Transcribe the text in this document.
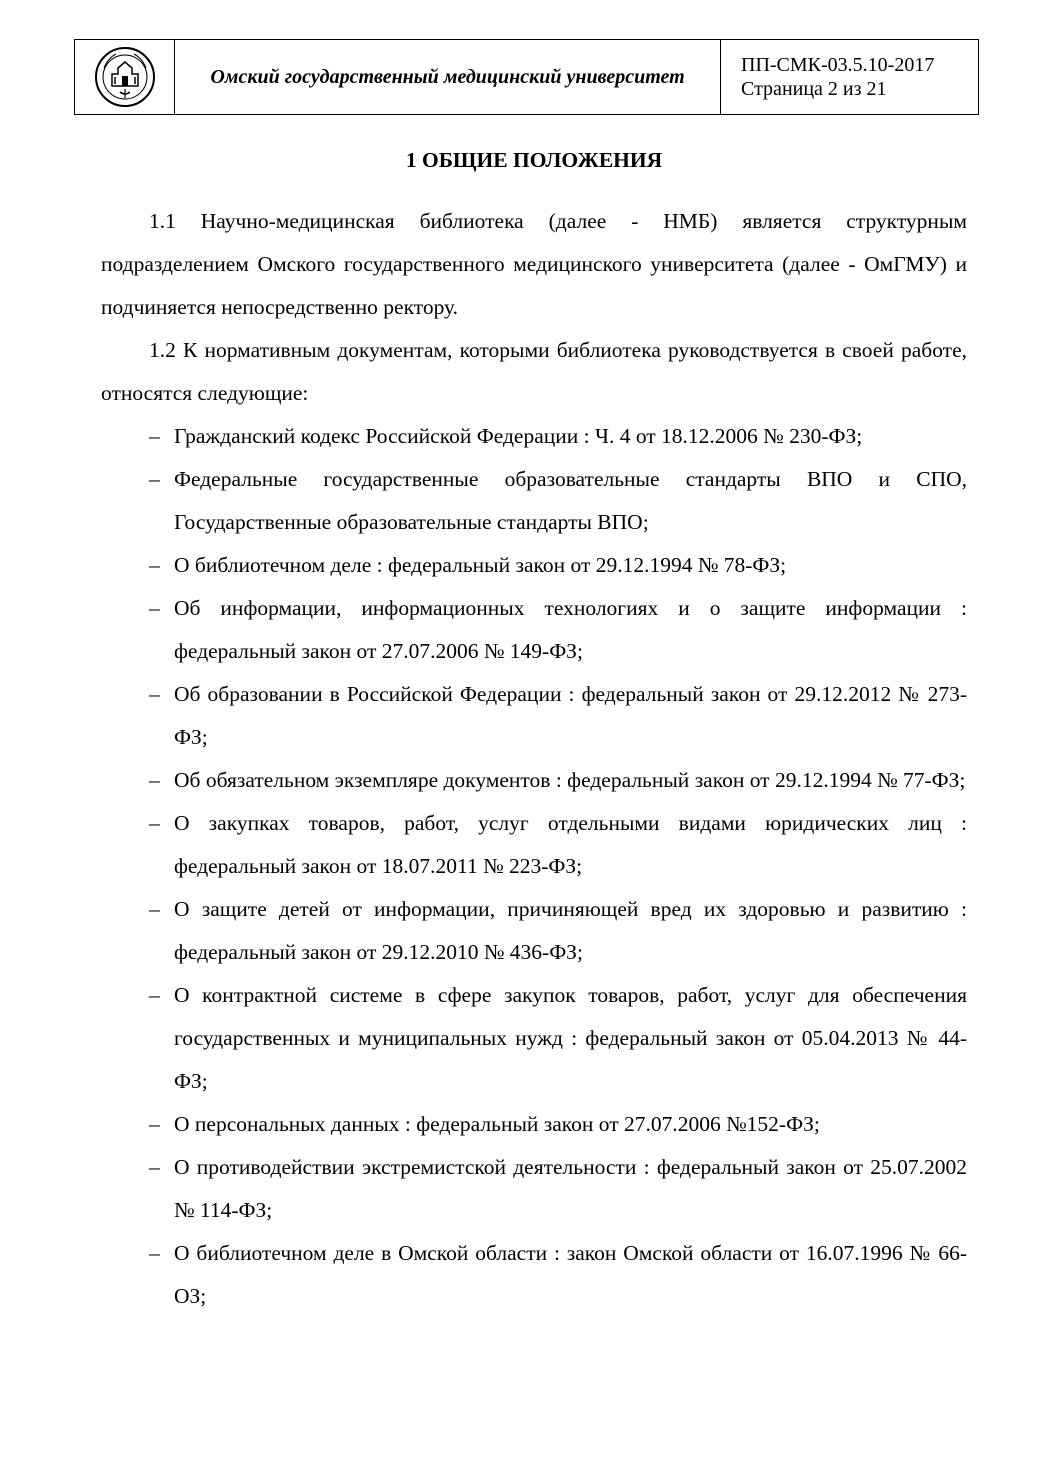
	Омский государственный медицинский университет	
ПП-СМК-03.5.10-2017
Страница 2 из 21

1 ОБЩИЕ ПОЛОЖЕНИЯ

1.1 Научно-медицинская библиотека (далее - НМБ) является структурным подразделением Омского государственного медицинского университета (далее - ОмГМУ) и подчиняется непосредственно ректору.

1.2 К нормативным документам, которыми библиотека руководствуется в своей работе, относятся следующие:

– Гражданский кодекс Российской Федерации : Ч. 4 от 18.12.2006 № 230-ФЗ;
– Федеральные государственные образовательные стандарты ВПО и СПО, Государственные образовательные стандарты ВПО;
– О библиотечном деле : федеральный закон от 29.12.1994 № 78-ФЗ;
– Об информации, информационных технологиях и о защите информации : федеральный закон от 27.07.2006 № 149-ФЗ;
– Об образовании в Российской Федерации : федеральный закон от 29.12.2012 № 273-ФЗ;
– Об обязательном экземпляре документов : федеральный закон от 29.12.1994 № 77-ФЗ;
– О закупках товаров, работ, услуг отдельными видами юридических лиц : федеральный закон от 18.07.2011 № 223-ФЗ;
– О защите детей от информации, причиняющей вред их здоровью и развитию : федеральный закон от 29.12.2010 № 436-ФЗ;
– О контрактной системе в сфере закупок товаров, работ, услуг для обеспечения государственных и муниципальных нужд : федеральный закон от 05.04.2013 № 44-ФЗ;
– О персональных данных : федеральный закон от 27.07.2006 №152-ФЗ;
– О противодействии экстремистской деятельности : федеральный закон от 25.07.2002 № 114-ФЗ;
– О библиотечном деле в Омской области : закон Омской области от 16.07.1996 № 66-ОЗ;
